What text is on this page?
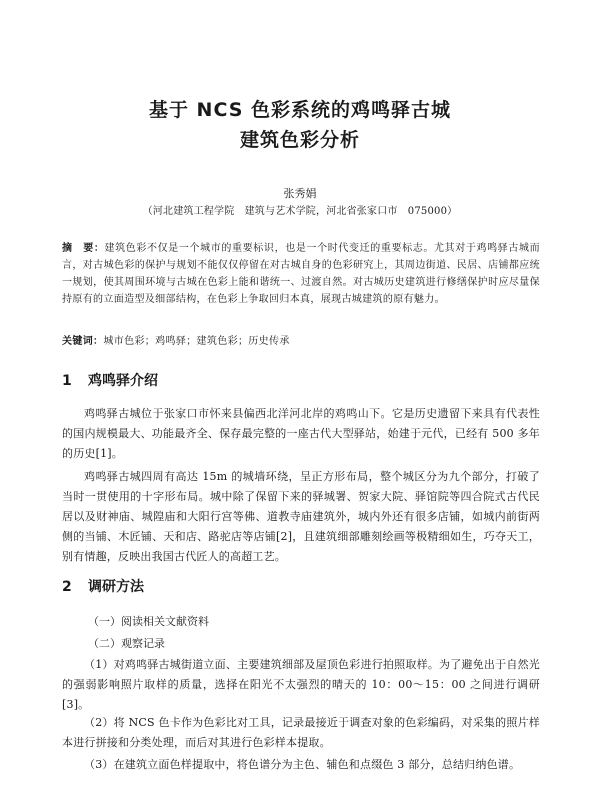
基于 NCS 色彩系统的鸡鸣驿古城
建筑色彩分析
张秀娟
（河北建筑工程学院　建筑与艺术学院，河北省张家口市　075000）

摘　要：建筑色彩不仅是一个城市的重要标识，也是一个时代变迁的重要标志。尤其对于鸡鸣驿古城而言，对古城色彩的保护与规划不能仅仅停留在对古城自身的色彩研究上，其周边街道、民居、店铺都应统一规划，使其周围环境与古城在色彩上能和谐统一、过渡自然。对古城历史建筑进行修缮保护时应尽量保持原有的立面造型及细部结构，在色彩上争取回归本真，展现古城建筑的原有魅力。

关键词：城市色彩；鸡鸣驿；建筑色彩；历史传承

1 鸡鸣驿介绍

鸡鸣驿古城位于张家口市怀来县偏西北洋河北岸的鸡鸣山下。它是历史遗留下来具有代表性的国内规模最大、功能最齐全、保存最完整的一座古代大型驿站，始建于元代，已经有 500 多年的历史[1]。

鸡鸣驿古城四周有高达 15m 的城墙环绕，呈正方形布局，整个城区分为九个部分，打破了当时一贯使用的十字形布局。城中除了保留下来的驿城署、贺家大院、驿馆院等四合院式古代民居以及财神庙、城隍庙和大阳行宫等佛、道教寺庙建筑外，城内外还有很多店铺，如城内前街两侧的当铺、木匠铺、天和店、路驼店等店铺[2]，且建筑细部雕刻绘画等极精细如生，巧夺天工，别有情趣，反映出我国古代匠人的高超工艺。

2 调研方法

（一）阅读相关文献资料

（二）观察记录

（1）对鸡鸣驿古城街道立面、主要建筑细部及屋顶色彩进行拍照取样。为了避免出于自然光的强弱影响照片取样的质量，选择在阳光不太强烈的晴天的 10：00～15：00 之间进行调研[3]。

（2）将 NCS 色卡作为色彩比对工具，记录最接近于调查对象的色彩编码，对采集的照片样本进行拼接和分类处理，而后对其进行色彩样本提取。

（3）在建筑立面色样提取中，将色谱分为主色、辅色和点缀色 3 部分，总结归纳色谱。
